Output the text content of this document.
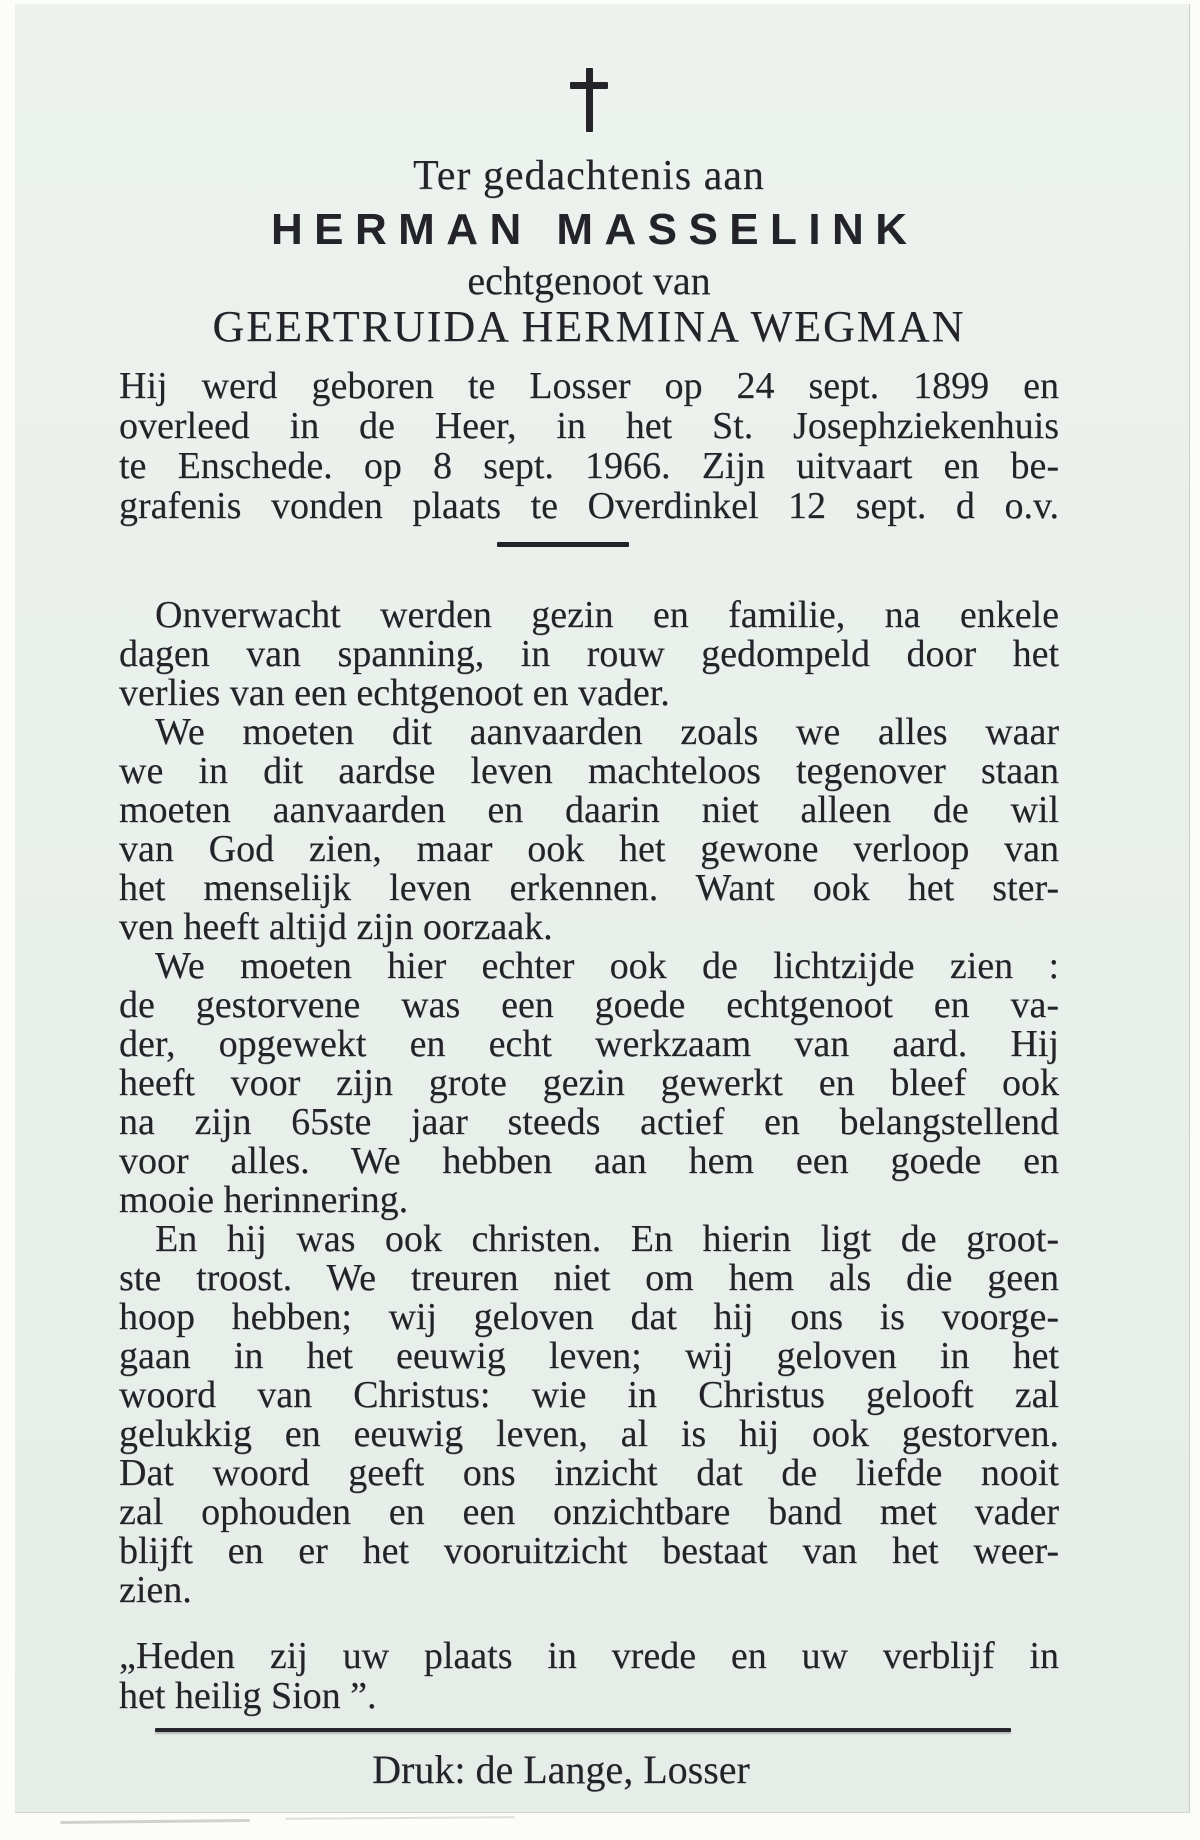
Ter gedachtenis aan
HERMAN MASSELINK
echtgenoot van
GEERTRUIDA HERMINA WEGMAN
Hij werd geboren te Losser op 24 sept. 1899 en
overleed in de Heer, in het St. Josephziekenhuis
te Enschede. op 8 sept. 1966. Zijn uitvaart en be-
grafenis vonden plaats te Overdinkel 12 sept. d o.v.
Onverwacht werden gezin en familie, na enkele
dagen van spanning, in rouw gedompeld door het
verlies van een echtgenoot en vader.
We moeten dit aanvaarden zoals we alles waar
we in dit aardse leven machteloos tegenover staan
moeten aanvaarden en daarin niet alleen de wil
van God zien, maar ook het gewone verloop van
het menselijk leven erkennen. Want ook het ster-
ven heeft altijd zijn oorzaak.
We moeten hier echter ook de lichtzijde zien :
de gestorvene was een goede echtgenoot en va-
der, opgewekt en echt werkzaam van aard. Hij
heeft voor zijn grote gezin gewerkt en bleef ook
na zijn 65ste jaar steeds actief en belangstellend
voor alles. We hebben aan hem een goede en
mooie herinnering.
En hij was ook christen. En hierin ligt de groot-
ste troost. We treuren niet om hem als die geen
hoop hebben; wij geloven dat hij ons is voorge-
gaan in het eeuwig leven; wij geloven in het
woord van Christus: wie in Christus gelooft zal
gelukkig en eeuwig leven, al is hij ook gestorven.
Dat woord geeft ons inzicht dat de liefde nooit
zal ophouden en een onzichtbare band met vader
blijft en er het vooruitzicht bestaat van het weer-
zien.
„Heden zij uw plaats in vrede en uw verblijf in
het heilig Sion ”.
Druk: de Lange, Losser
